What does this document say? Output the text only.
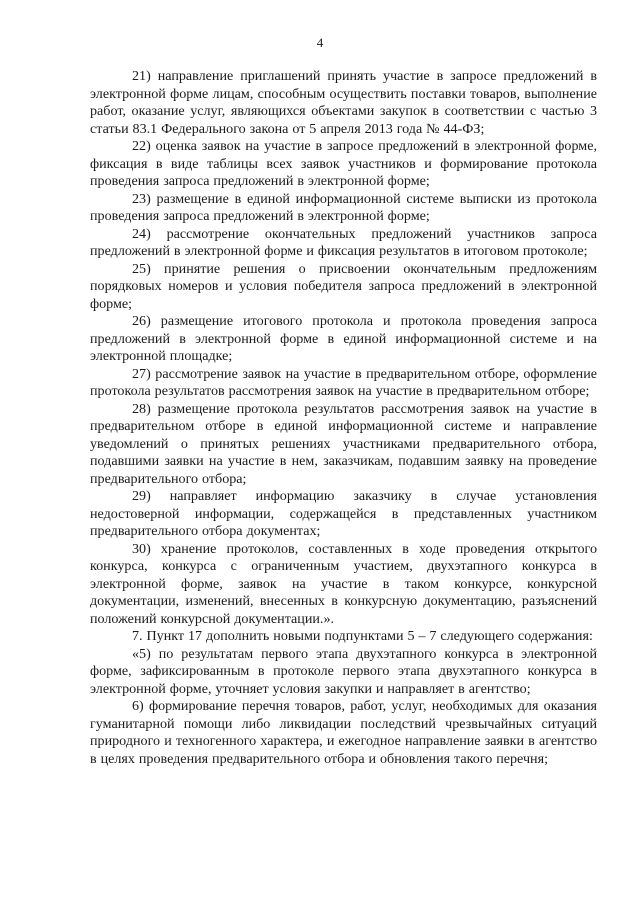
4

21) направление приглашений принять участие в запросе предложений в электронной форме лицам, способным осуществить поставки товаров, выполнение работ, оказание услуг, являющихся объектами закупок в соответствии с частью 3 статьи 83.1 Федерального закона от 5 апреля 2013 года № 44-ФЗ;

22) оценка заявок на участие в запросе предложений в электронной форме, фиксация в виде таблицы всех заявок участников и формирование протокола проведения запроса предложений в электронной форме;

23) размещение в единой информационной системе выписки из протокола проведения запроса предложений в электронной форме;

24) рассмотрение окончательных предложений участников запроса предложений в электронной форме и фиксация результатов в итоговом протоколе;

25) принятие решения о присвоении окончательным предложениям порядковых номеров и условия победителя запроса предложений в электронной форме;

26) размещение итогового протокола и протокола проведения запроса предложений в электронной форме в единой информационной системе и на электронной площадке;

27) рассмотрение заявок на участие в предварительном отборе, оформление протокола результатов рассмотрения заявок на участие в предварительном отборе;

28) размещение протокола результатов рассмотрения заявок на участие в предварительном отборе в единой информационной системе и направление уведомлений о принятых решениях участниками предварительного отбора, подавшими заявки на участие в нем, заказчикам, подавшим заявку на проведение предварительного отбора;

29) направляет информацию заказчику в случае установления недостоверной информации, содержащейся в представленных участником предварительного отбора документах;

30) хранение протоколов, составленных в ходе проведения открытого конкурса, конкурса с ограниченным участием, двухэтапного конкурса в электронной форме, заявок на участие в таком конкурсе, конкурсной документации, изменений, внесенных в конкурсную документацию, разъяснений положений конкурсной документации.».

7. Пункт 17 дополнить новыми подпунктами 5 – 7 следующего содержания:

«5) по результатам первого этапа двухэтапного конкурса в электронной форме, зафиксированным в протоколе первого этапа двухэтапного конкурса в электронной форме, уточняет условия закупки и направляет в агентство;

6) формирование перечня товаров, работ, услуг, необходимых для оказания гуманитарной помощи либо ликвидации последствий чрезвычайных ситуаций природного и техногенного характера, и ежегодное направление заявки в агентство в целях проведения предварительного отбора и обновления такого перечня;
